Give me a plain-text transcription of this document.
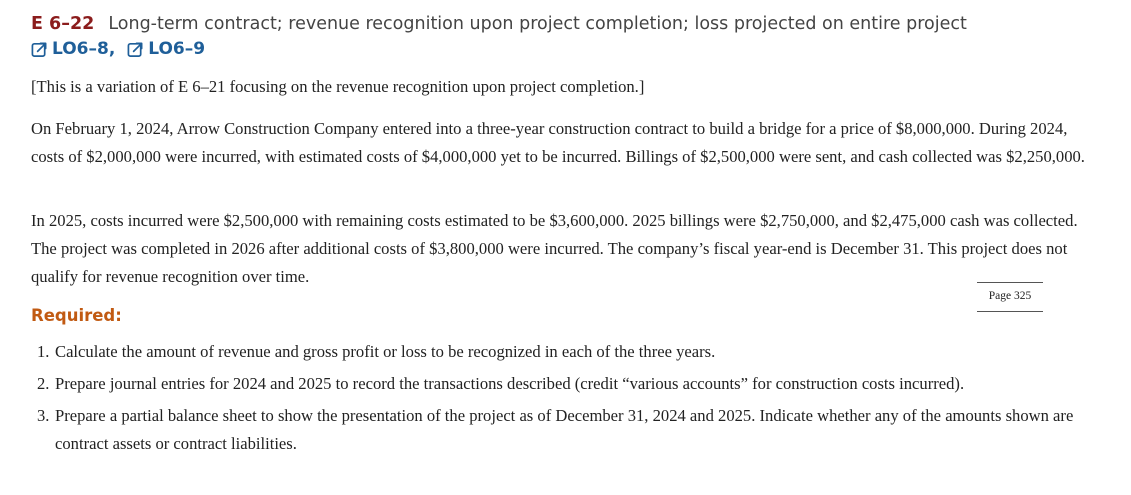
E 6–22 Long-term contract; revenue recognition upon project completion; loss projected on entire project
LO6–8,
LO6–9
[This is a variation of E 6–21 focusing on the revenue recognition upon project completion.]
On February 1, 2024, Arrow Construction Company entered into a three-year construction contract to build a bridge for a price of $8,000,000. During 2024, costs of $2,000,000 were incurred, with estimated costs of $4,000,000 yet to be incurred. Billings of $2,500,000 were sent, and cash collected was $2,250,000.
In 2025, costs incurred were $2,500,000 with remaining costs estimated to be $3,600,000. 2025 billings were $2,750,000, and $2,475,000 cash was collected. The project was completed in 2026 after additional costs of $3,800,000 were incurred. The company’s fiscal year-end is December 31. This project does not qualify for revenue recognition over time.
Required:
1. Calculate the amount of revenue and gross profit or loss to be recognized in each of the three years.
2. Prepare journal entries for 2024 and 2025 to record the transactions described (credit “various accounts” for construction costs incurred).
3. Prepare a partial balance sheet to show the presentation of the project as of December 31, 2024 and 2025. Indicate whether any of the amounts shown are contract assets or contract liabilities.
Page 325
